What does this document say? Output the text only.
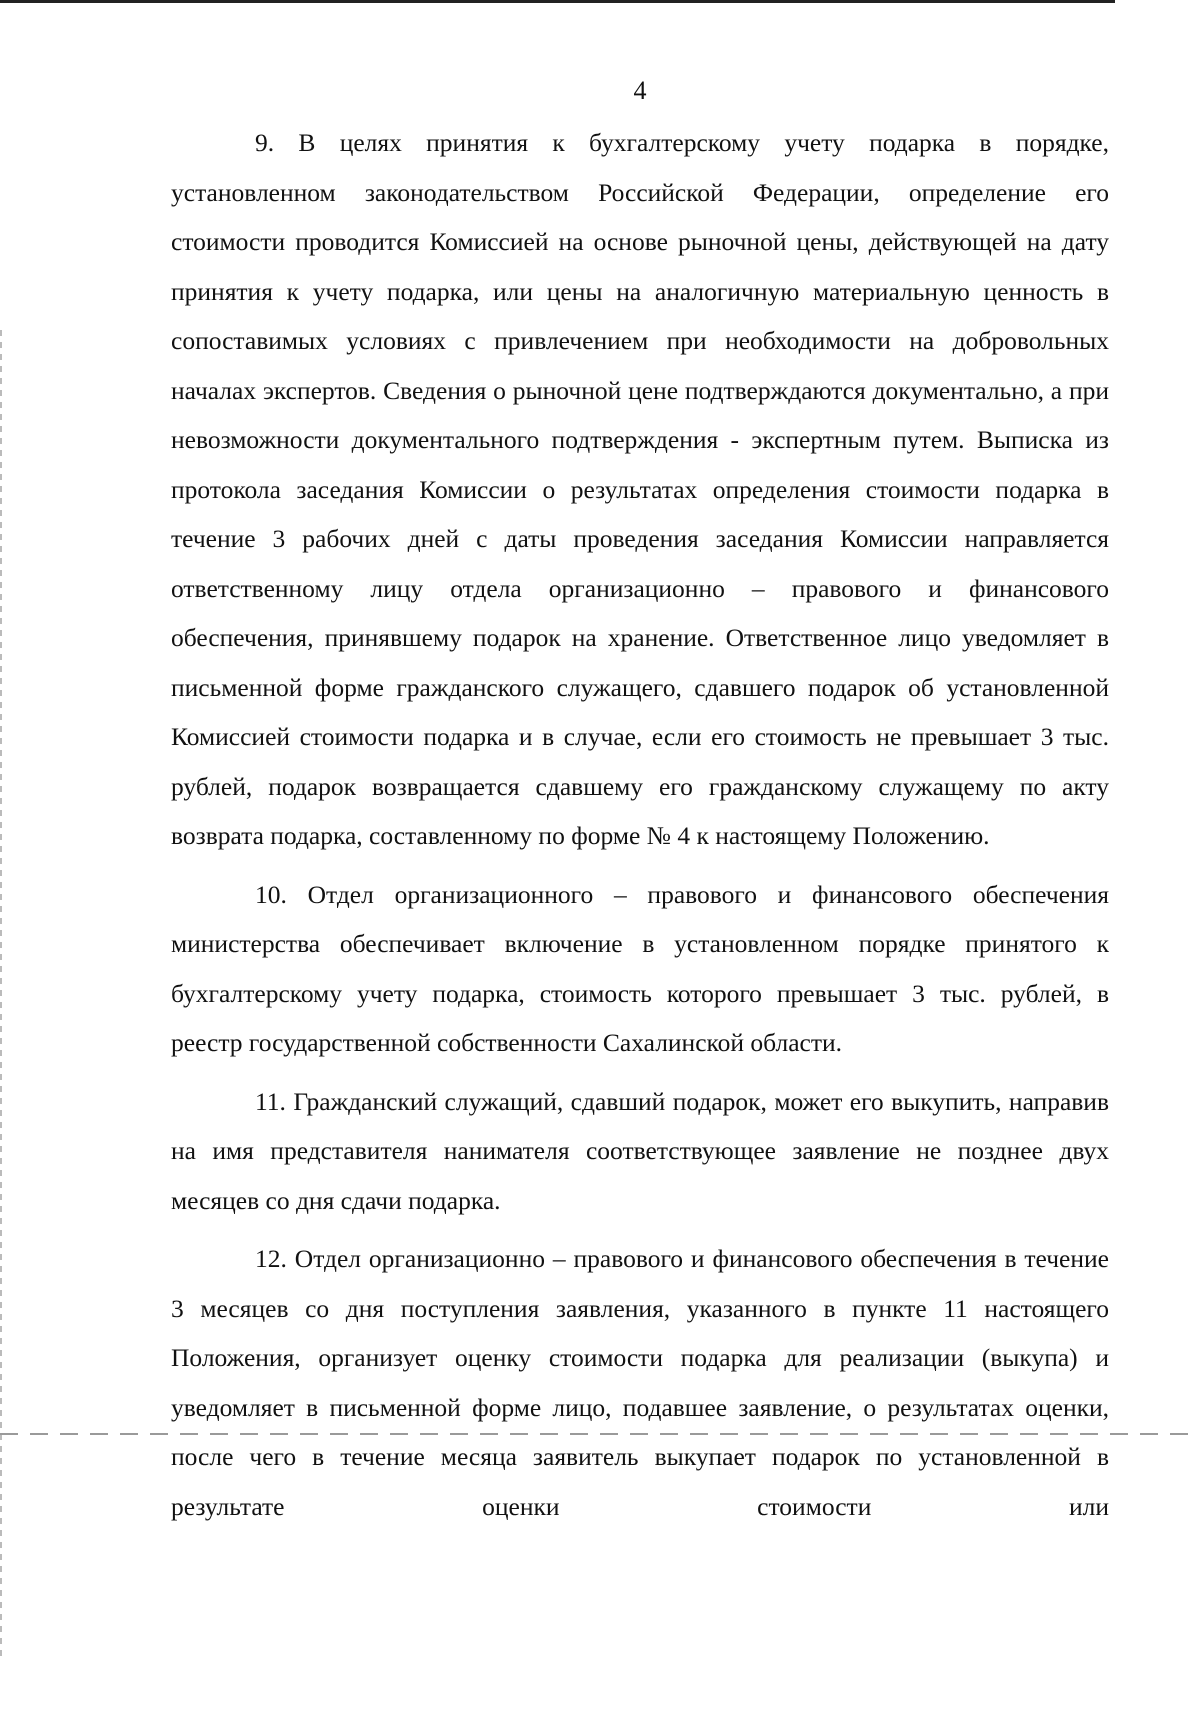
4

9. В целях принятия к бухгалтерскому учету подарка в порядке, установленном законодательством Российской Федерации, определение его стоимости проводится Комиссией на основе рыночной цены, действующей на дату принятия к учету подарка, или цены на аналогичную материальную ценность в сопоставимых условиях с привлечением при необходимости на добровольных началах экспертов. Сведения о рыночной цене подтверждаются документально, а при невозможности документального подтверждения - экспертным путем. Выписка из протокола заседания Комиссии о результатах определения стоимости подарка в течение 3 рабочих дней с даты проведения заседания Комиссии направляется ответственному лицу отдела организационно – правового и финансового обеспечения, принявшему подарок на хранение. Ответственное лицо уведомляет в письменной форме гражданского служащего, сдавшего подарок об установленной Комиссией стоимости подарка и в случае, если его стоимость не превышает 3 тыс. рублей, подарок возвращается сдавшему его гражданскому служащему по акту возврата подарка, составленному по форме № 4 к настоящему Положению.

10. Отдел организационного – правового и финансового обеспечения министерства обеспечивает включение в установленном порядке принятого к бухгалтерскому учету подарка, стоимость которого превышает 3 тыс. рублей, в реестр государственной собственности Сахалинской области.

11. Гражданский служащий, сдавший подарок, может его выкупить, направив на имя представителя нанимателя соответствующее заявление не позднее двух месяцев со дня сдачи подарка.

12. Отдел организационно – правового и финансового обеспечения в течение 3 месяцев со дня поступления заявления, указанного в пункте 11 настоящего Положения, организует оценку стоимости подарка для реализации (выкупа) и уведомляет в письменной форме лицо, подавшее заявление, о результатах оценки, после чего в течение месяца заявитель выкупает подарок по установленной в результате оценки стоимости или
